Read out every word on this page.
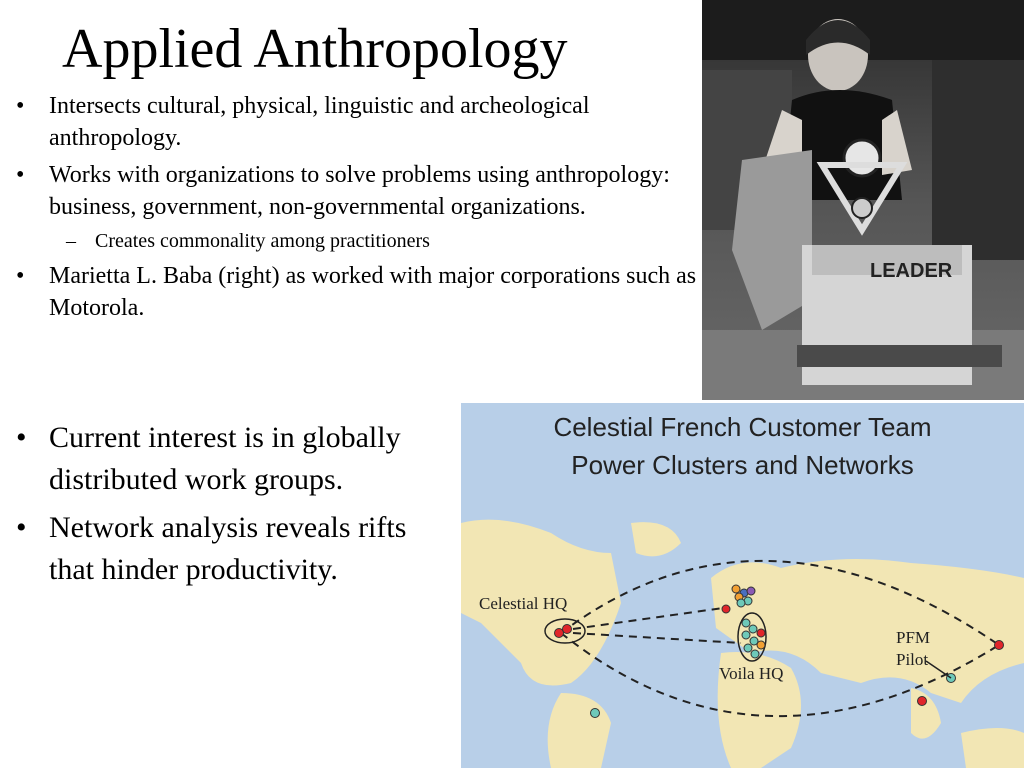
Applied Anthropology
• Intersects cultural, physical, linguistic and archeological anthropology.
• Works with organizations to solve problems using anthropology: business, government, non-governmental organizations.
– Creates commonality among practitioners
• Marietta L. Baba (right) as worked with major corporations such as Motorola.
• Current interest is in globally distributed work groups.
• Network analysis reveals rifts that hinder productivity.
LEADER
Celestial HQ
Voila HQ
PFM
Pilot
Celestial French Customer Team
Power Clusters and Networks
